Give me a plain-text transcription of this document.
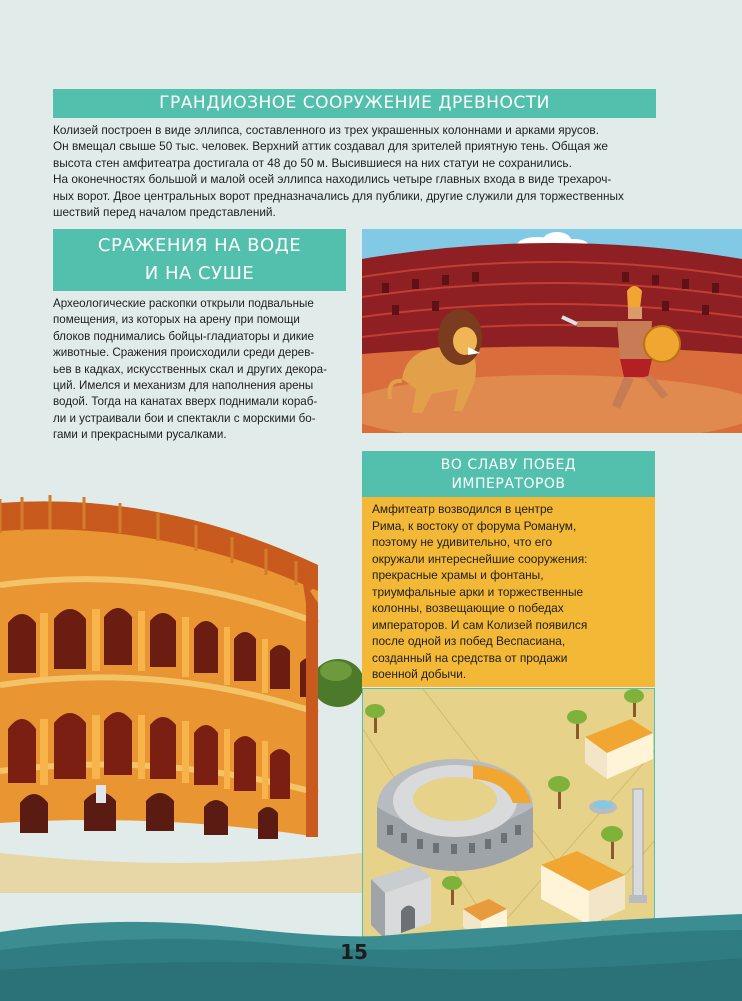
ГРАНДИОЗНОЕ СООРУЖЕНИЕ ДРЕВНОСТИ
Колизей построен в виде эллипса, составленного из трех украшенных колоннами и арками ярусов.
Он вмещал свыше 50 тыс. человек. Верхний аттик создавал для зрителей приятную тень. Общая же
высота стен амфитеатра достигала от 48 до 50 м. Высившиеся на них статуи не сохранились.
На оконечностях большой и малой осей эллипса находились четыре главных входа в виде трехароч-
ных ворот. Двое центральных ворот предназначались для публики, другие служили для торжественных
шествий перед началом представлений.
СРАЖЕНИЯ НА ВОДЕ
И НА СУШЕ
Археологические раскопки открыли подвальные
помещения, из которых на арену при помощи
блоков поднимались бойцы-гладиаторы и дикие
животные. Сражения происходили среди дерев-
ьев в кадках, искусственных скал и других декора-
ций. Имелся и механизм для наполнения арены
водой. Тогда на канатах вверх поднимали кораб-
ли и устраивали бои и спектакли с морскими бо-
гами и прекрасными русалками.
ВО СЛАВУ ПОБЕД
ИМПЕРАТОРОВ
Амфитеатр возводился в центре
Рима, к востоку от форума Романум,
поэтому не удивительно, что его
окружали интереснейшие сооружения:
прекрасные храмы и фонтаны,
триумфальные арки и торжественные
колонны, возвещающие о победах
императоров. И сам Колизей появился
после одной из побед Веспасиана,
созданный на средства от продажи
военной добычи.
15
